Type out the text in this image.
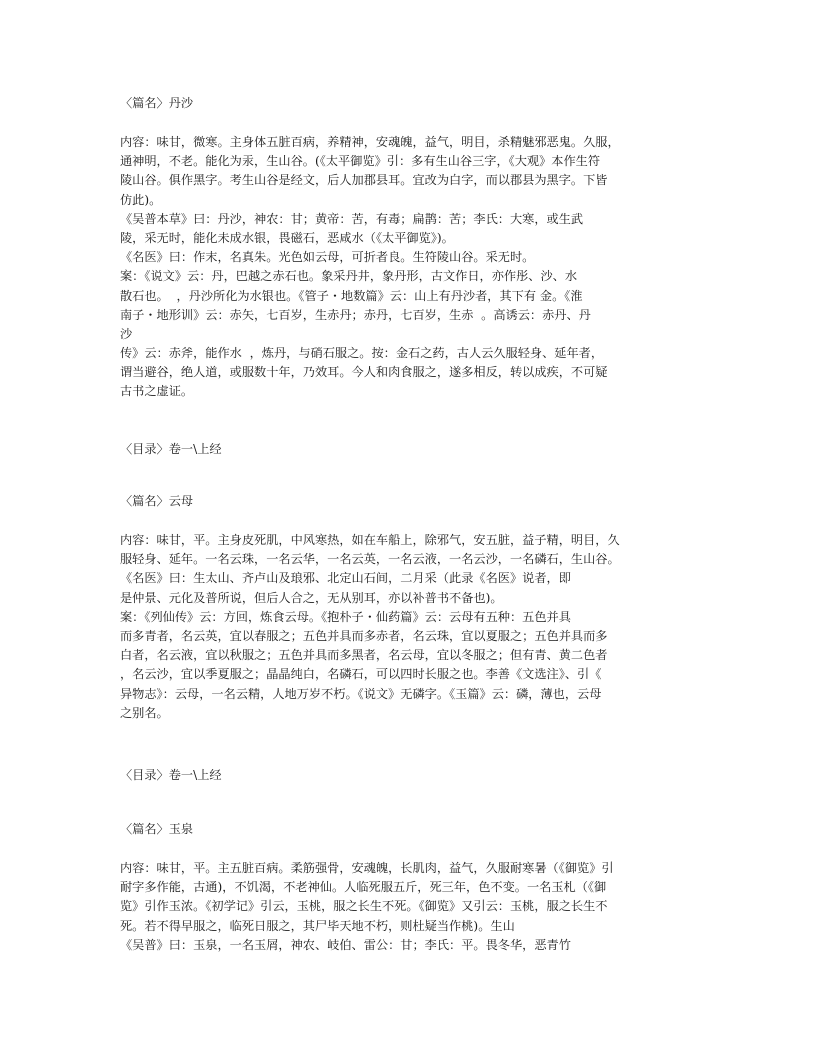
〈篇名〉丹沙
内容：味甘，微寒。主身体五脏百病，养精神，安魂魄，益气，明目，杀精魅邪恶鬼。久服，
通神明，不老。能化为汞，生山谷。(《太平御览》引：多有生山谷三字，《大观》本作生符
陵山谷。俱作黑字。考生山谷是经文，后人加郡县耳。宜改为白字，而以郡县为黑字。下皆
仿此)。
《吴普本草》曰：丹沙，神农：甘；黄帝：苦，有毒；扁鹊：苦；李氏：大寒，或生武
陵，采无时，能化未成水银，畏磁石，恶咸水（《太平御览》)。
《名医》曰：作末，名真朱。光色如云母，可折者良。生符陵山谷。采无时。
案：《说文》云：丹，巴越之赤石也。象采丹井，象丹形，古文作日，亦作彤、沙、水
散石也。  ，丹沙所化为水银也。《管子・地数篇》云：山上有丹沙者，其下有 金。《淮
南子・地形训》云：赤矢，七百岁，生赤丹；赤丹，七百岁，生赤  。高诱云：赤丹、丹
沙
传》云：赤斧，能作水  ，炼丹，与硝石服之。按：金石之药，古人云久服轻身、延年者，
谓当避谷，绝人道，或服数十年，乃效耳。今人和肉食服之，遂多相反，转以成疾，不可疑
古书之虚证。
〈目录〉卷一\上经
〈篇名〉云母
内容：味甘，平。主身皮死肌，中风寒热，如在车船上，除邪气，安五脏，益子精，明目，久
服轻身、延年。一名云珠，一名云华，一名云英，一名云液，一名云沙，一名磷石，生山谷。
《名医》曰：生太山、齐卢山及琅邪、北定山石间，二月采（此录《名医》说者，即
是仲景、元化及普所说，但后人合之，无从别耳，亦以补普书不备也)。
案：《列仙传》云：方回，炼食云母。《抱朴子・仙药篇》云：云母有五种：五色并具
而多青者，名云英，宜以春服之；五色并具而多赤者，名云珠，宜以夏服之；五色并具而多
白者，名云液，宜以秋服之；五色并具而多黑者，名云母，宜以冬服之；但有青、黄二色者
，名云沙，宜以季夏服之；晶晶纯白，名磷石，可以四时长服之也。李善《文选注》、引《
异物志》：云母，一名云精，人地万岁不朽。《说文》无磷字。《玉篇》云：磷，薄也，云母
之别名。
〈目录〉卷一\上经
〈篇名〉玉泉
内容：味甘，平。主五脏百病。柔筋强骨，安魂魄，长肌肉，益气，久服耐寒暑（《御览》引
耐字多作能，古通)，不饥渴，不老神仙。人临死服五斤，死三年，色不变。一名玉札（《御
览》引作玉浓。《初学记》引云，玉桃，服之长生不死。《御览》又引云：玉桃，服之长生不
死。若不得早服之，临死日服之，其尸毕天地不朽，则杜疑当作桃)。生山
《吴普》曰：玉泉，一名玉屑，神农、岐伯、雷公：甘；李氏：平。畏冬华，恶青竹
